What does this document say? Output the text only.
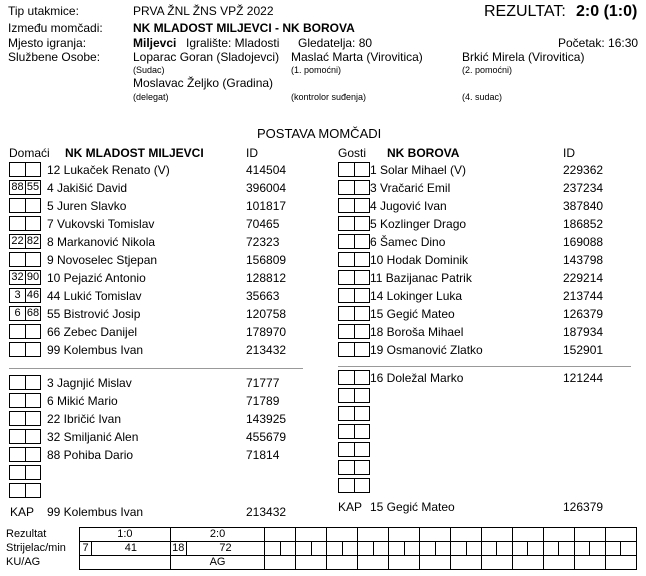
Tip utakmice:	PRVA ŽNL ŽNS VPŽ 2022	REZULTAT: 2:0 (1:0)
Između momčadi:	NK MLADOST MILJEVCI - NK BOROVA
Mjesto igranja:	Miljevci Igralište: Mladosti Gledatelja: 80	Početak: 16:30
Službene Osobe:	Loparac Goran (Sladojevci)
(Sudac)
Maslać Marta (Virovitica)
(1. pomoćni)
Brkić Mirela (Virovitica)
(2. pomoćni)
Moslavac Željko (Gradina)
(delegat)	(kontrolor suđenja)	(4. sudac)
POSTAVA MOMČADI
Domaći NK MLADOST MILJEVCI	ID	Gosti NK BOROVA	ID
12 Lukaček Renato (V)	414504
88 55 4 Jakišić David	396004
5 Juren Slavko	101817
7 Vukovski Tomislav	70465
22 82 8 Markanović Nikola	72323
9 Novoselec Stjepan	156809
32 90 10 Pejazić Antonio	128812
3 46 44 Lukić Tomislav	35663
6 68 55 Bistrović Josip	120758
66 Zebec Danijel	178970
99 Kolembus Ivan	213432
3 Jagnjić Mislav	71777
6 Mikić Mario	71789
22 Ibričić Ivan	143925
32 Smiljanić Alen	455679
88 Pohiba Dario	71814
1 Solar Mihael (V)	229362
3 Vračarić Emil	237234
4 Jugović Ivan	387840
5 Kozlinger Drago	186852
6 Šamec Dino	169088
10 Hodak Dominik	143798
11 Bazijanac Patrik	229214
14 Lokinger Luka	213744
15 Gegić Mateo	126379
18 Boroša Mihael	187934
19 Osmanović Zlatko	152901
16 Doležal Marko	121244
KAP 99 Kolembus Ivan	213432	KAP 15 Gegić Mateo	126379
Rezultat	1:0		2:0																									
Strijelac/min	7	41	18	72																								
KU/AG			AG																									
